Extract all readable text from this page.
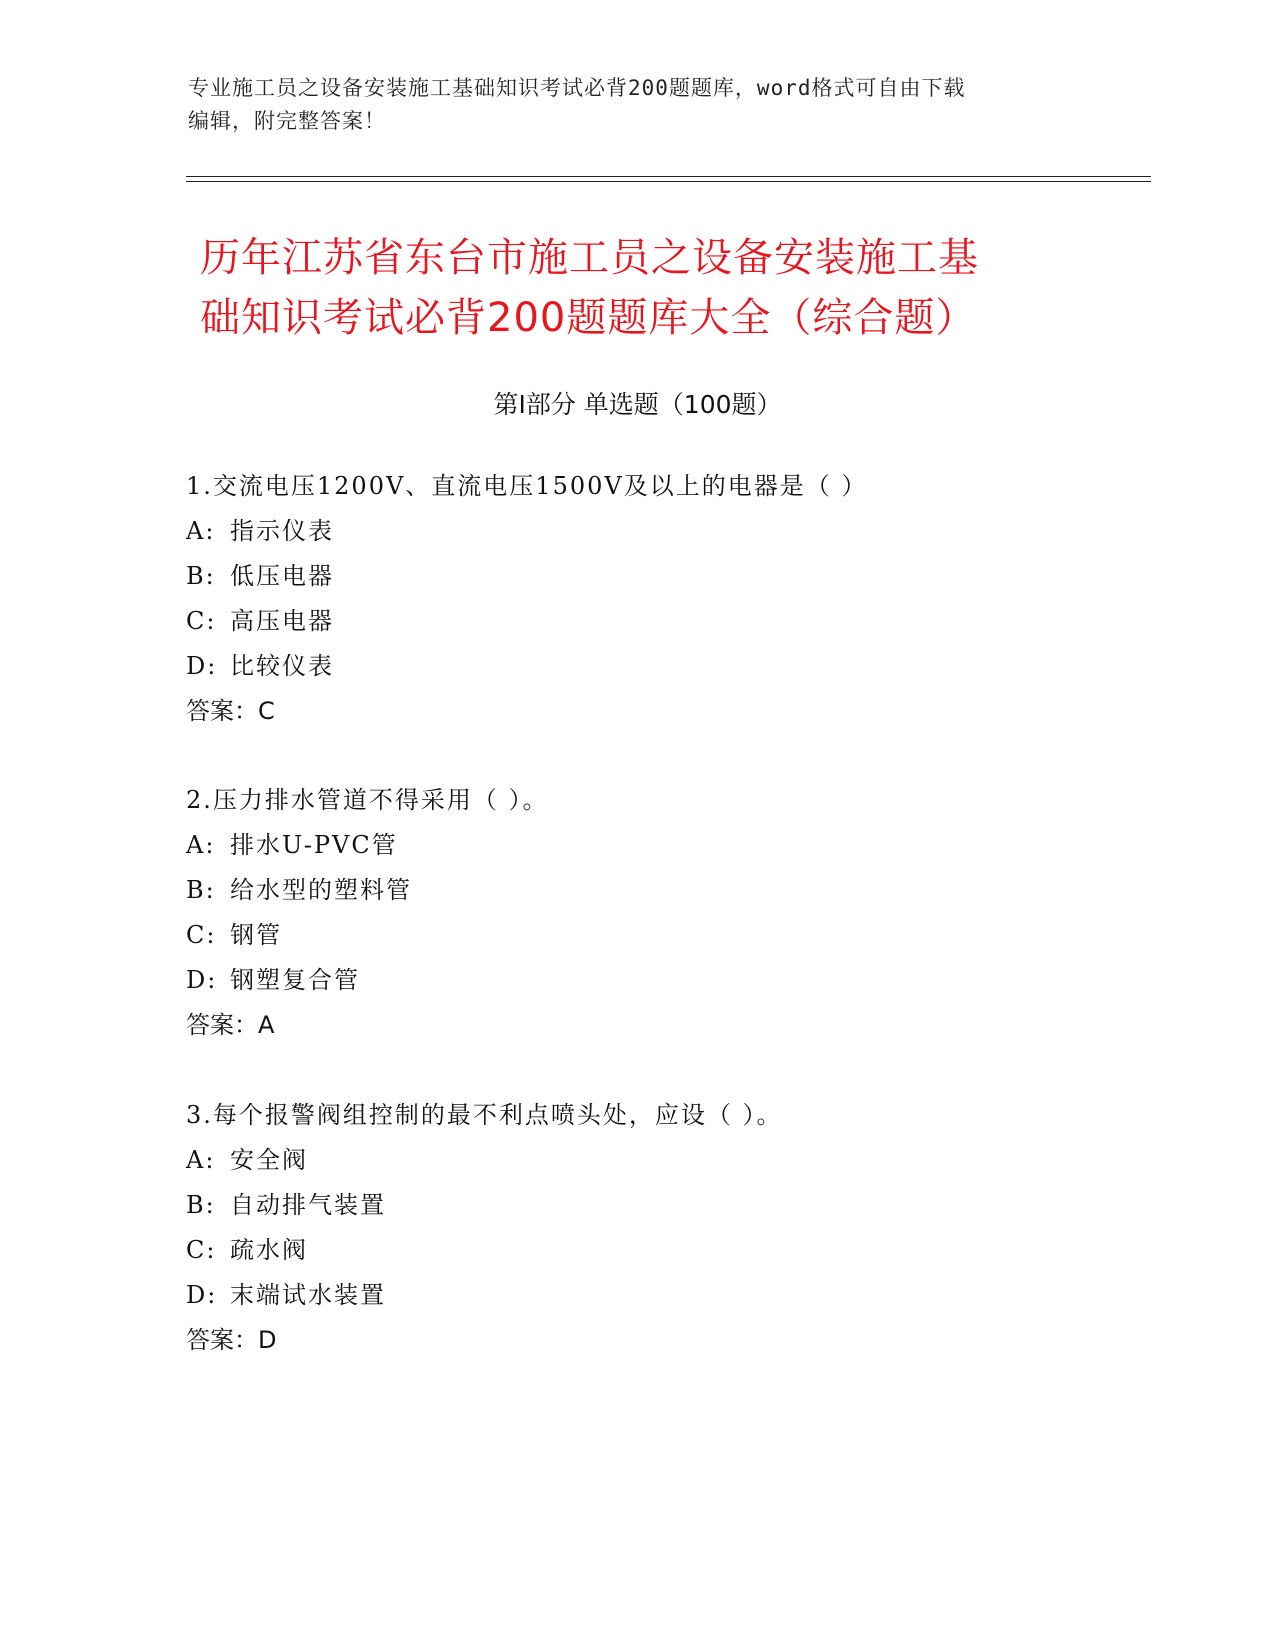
专业施工员之设备安装施工基础知识考试必背200题题库，word格式可自由下载
编辑，附完整答案！
历年江苏省东台市施工员之设备安装施工基
础知识考试必背200题题库大全（综合题）
第Ⅰ部分 单选题（100题）
1.交流电压1200V、直流电压1500V及以上的电器是（ ）
A: 指示仪表
B: 低压电器
C: 高压电器
D: 比较仪表
答案：C
2.压力排水管道不得采用（ ）。
A: 排水U-PVC管
B: 给水型的塑料管
C: 钢管
D: 钢塑复合管
答案：A
3.每个报警阀组控制的最不利点喷头处，应设（ ）。
A: 安全阀
B: 自动排气装置
C: 疏水阀
D: 末端试水装置
答案：D
